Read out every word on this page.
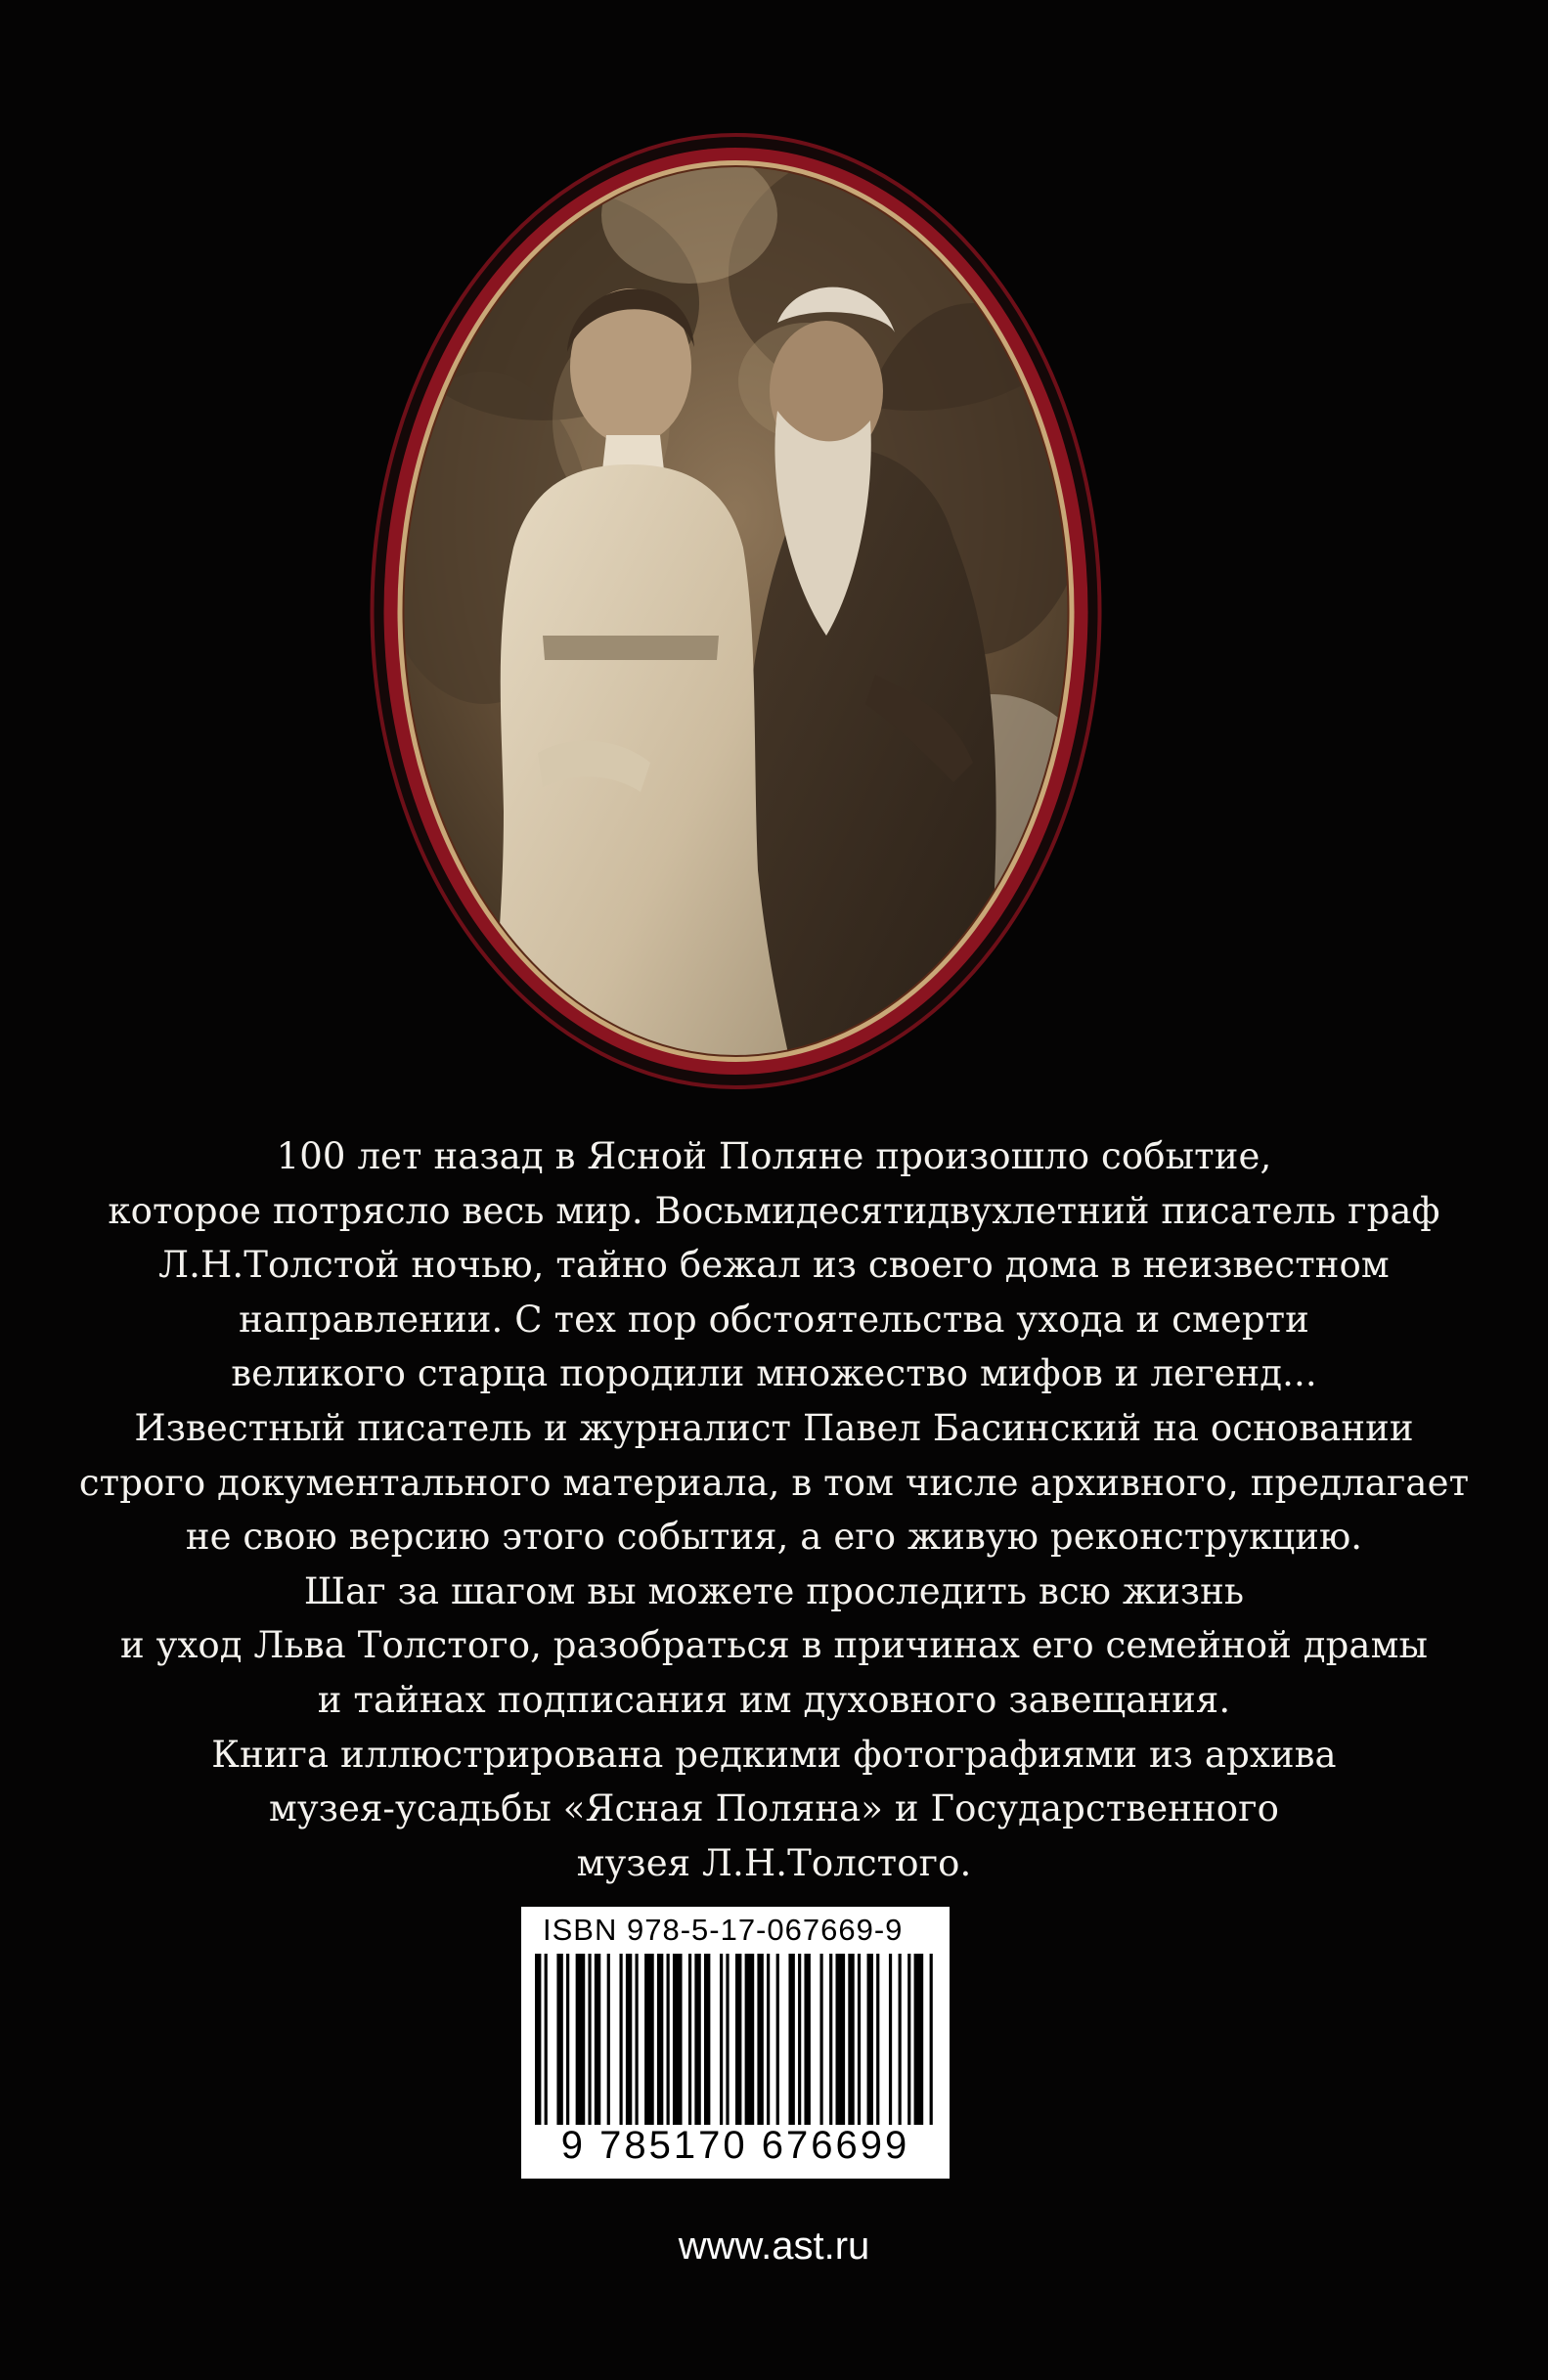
100 лет назад в Ясной Поляне произошло событие,
которое потрясло весь мир. Восьмидесятидвухлетний писатель граф
Л.Н.Толстой ночью, тайно бежал из своего дома в неизвестном
направлении. С тех пор обстоятельства ухода и смерти
великого старца породили множество мифов и легенд...
Известный писатель и журналист Павел Басинский на основании
строго документального материала, в том числе архивного, предлагает
не свою версию этого события, а его живую реконструкцию.
Шаг за шагом вы можете проследить всю жизнь
и уход Льва Толстого, разобраться в причинах его семейной драмы
и тайнах подписания им духовного завещания.
Книга иллюстрирована редкими фотографиями из архива
музея-усадьбы «Ясная Поляна» и Государственного
музея Л.Н.Толстого.
ISBN 978-5-17-067669-9
9 785170 676699
www.ast.ru
